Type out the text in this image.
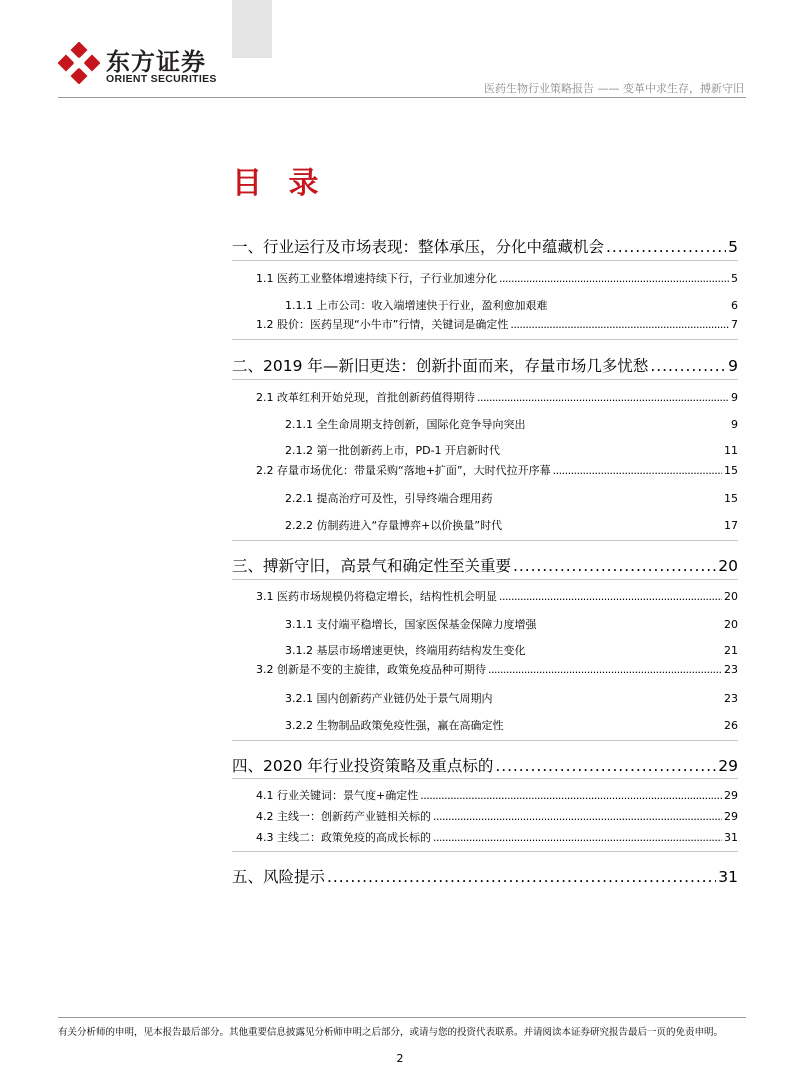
东方证券
ORIENT SECURITIES
医药生物行业策略报告 —— 变革中求生存，搏新守旧
目 录
一、行业运行及市场表现：整体承压，分化中蕴藏机会 . . .	5
1.1 医药工业整体增速持续下行，子行业加速分化 . . .	5
1.1.1 上市公司：收入端增速快于行业，盈利愈加艰难	6
1.2 股价：医药呈现“小牛市”行情，关键词是确定性 . . .	7
二、2019 年—新旧更迭：创新扑面而来，存量市场几多忧愁 . . .	9
2.1 改革红利开始兑现，首批创新药值得期待 . . .	9
2.1.1 全生命周期支持创新，国际化竞争导向突出	9
2.1.2 第一批创新药上市，PD-1 开启新时代	11
2.2 存量市场优化：带量采购“落地+扩面”，大时代拉开序幕 . . .	15
2.2.1 提高治疗可及性，引导终端合理用药	15
2.2.2 仿制药进入“存量博弈+以价换量”时代	17
三、搏新守旧，高景气和确定性至关重要 . . .	20
3.1 医药市场规模仍将稳定增长，结构性机会明显 . . .	20
3.1.1 支付端平稳增长，国家医保基金保障力度增强	20
3.1.2 基层市场增速更快，终端用药结构发生变化	21
3.2 创新是不变的主旋律，政策免疫品种可期待 . . .	23
3.2.1 国内创新药产业链仍处于景气周期内	23
3.2.2 生物制品政策免疫性强，赢在高确定性	26
四、2020 年行业投资策略及重点标的 . . .	29
4.1 行业关键词：景气度+确定性 . . .	29
4.2 主线一：创新药产业链相关标的 . . .	29
4.3 主线二：政策免疫的高成长标的 . . .	31
五、风险提示 . . .	31
有关分析师的申明，见本报告最后部分。其他重要信息披露见分析师申明之后部分，或请与您的投资代表联系。并请阅读本证券研究报告最后一页的免责申明。
2
